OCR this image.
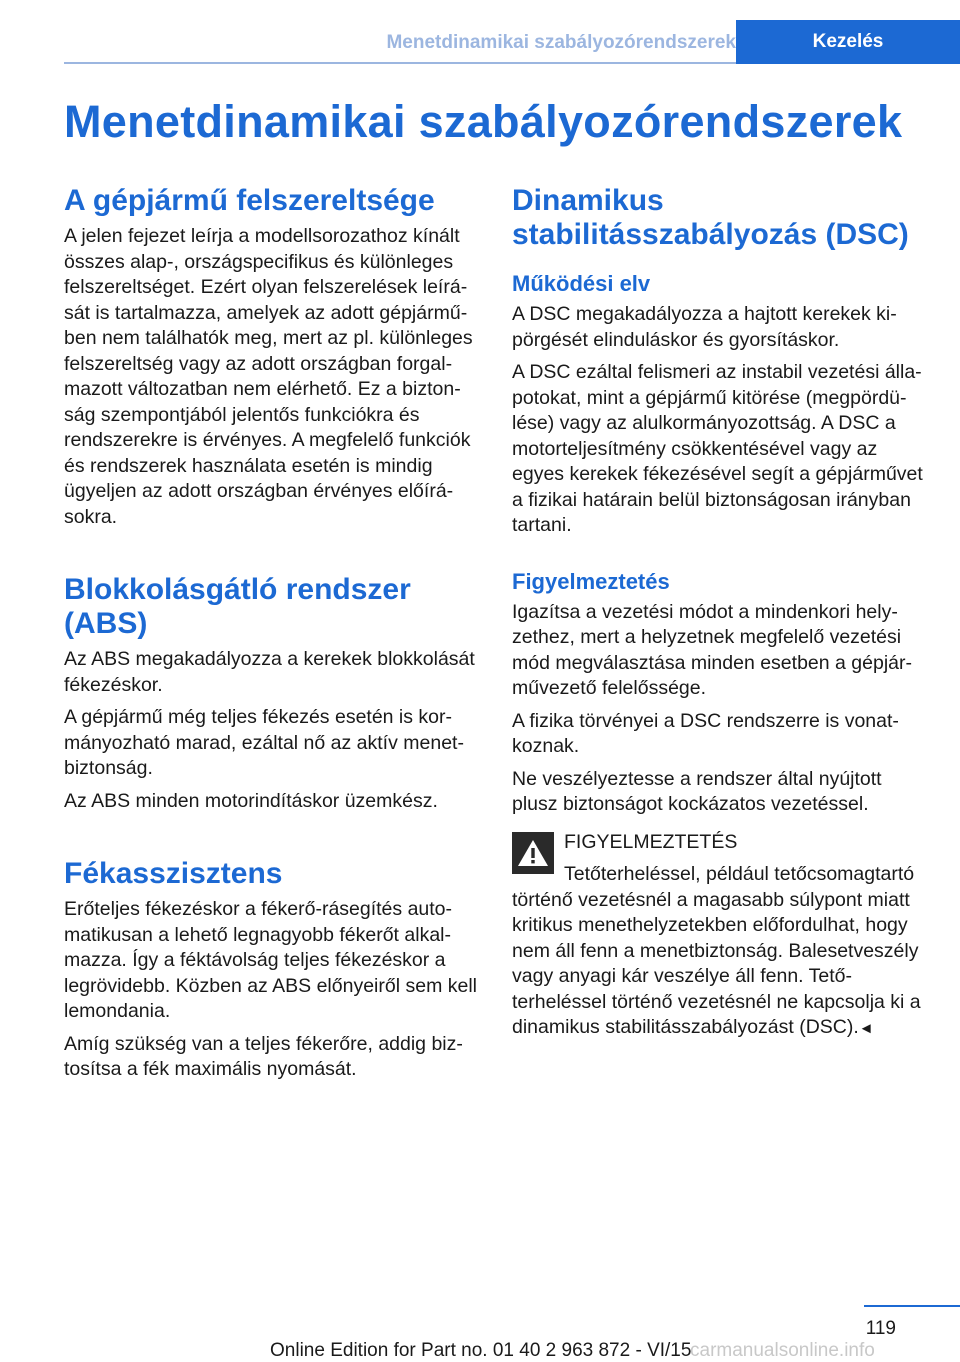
Menetdinamikai szabályozórendszerek	Kezelés
Menetdinamikai szabályozórendszerek
A gépjármű felszereltsége

A jelen fejezet leírja a modellsorozathoz kínált összes alap-, országspecifikus és különleges felszereltséget. Ezért olyan felszerelések leírását is tartalmazza, amelyek az adott gépjárműben nem találhatók meg, mert az pl. különleges felszereltség vagy az adott országban forgalmazott változatban nem elérhető. Ez a biztonság szempontjából jelentős funkciókra és rendszerekre is érvényes. A megfelelő funkciók és rendszerek használata esetén is mindig ügyeljen az adott országban érvényes előírásokra.

Blokkolásgátló rendszer (ABS)

Az ABS megakadályozza a kerekek blokkolását fékezéskor.

A gépjármű még teljes fékezés esetén is kormányozható marad, ezáltal nő az aktív menetbiztonság.

Az ABS minden motorindításkor üzemkész.

Fékasszisztens

Erőteljes fékezéskor a fékerő-rásegítés automatikusan a lehető legnagyobb fékerőt alkalmazza. Így a féktávolság teljes fékezéskor a legrövidebb. Közben az ABS előnyeiről sem kell lemondania.

Amíg szükség van a teljes fékerőre, addig biztosítsa a fék maximális nyomását.

Dinamikus stabilitásszabályozás (DSC)
Működési elv

A DSC megakadályozza a hajtott kerekek kipörgését elinduláskor és gyorsításkor.

A DSC ezáltal felismeri az instabil vezetési állapotokat, mint a gépjármű kitörése (megpördülése) vagy az alulkormányozottság. A DSC a motorteljesítmény csökkentésével vagy az egyes kerekek fékezésével segít a gépjárművet a fizikai határain belül biztonságosan irányban tartani.

Figyelmeztetés

Igazítsa a vezetési módot a mindenkori helyzethez, mert a helyzetnek megfelelő vezetési mód megválasztása minden esetben a gépjárművezető felelőssége.

A fizika törvényei a DSC rendszerre is vonatkoznak.

Ne veszélyeztesse a rendszer által nyújtott plusz biztonságot kockázatos vezetéssel.

FIGYELMEZTETÉS

Tetőterheléssel, például tetőcsomagtartó történő vezetésnél a magasabb súlypont miatt kritikus menethelyzetekben előfordulhat, hogy nem áll fenn a menetbiztonság. Balesetveszély vagy anyagi kár veszélye áll fenn. Tetőterheléssel történő vezetésnél ne kapcsolja ki a dinamikus stabilitásszabályozást (DSC).◄

119
Online Edition for Part no. 01 40 2 963 872 - VI/15
carmanualsonline.info
